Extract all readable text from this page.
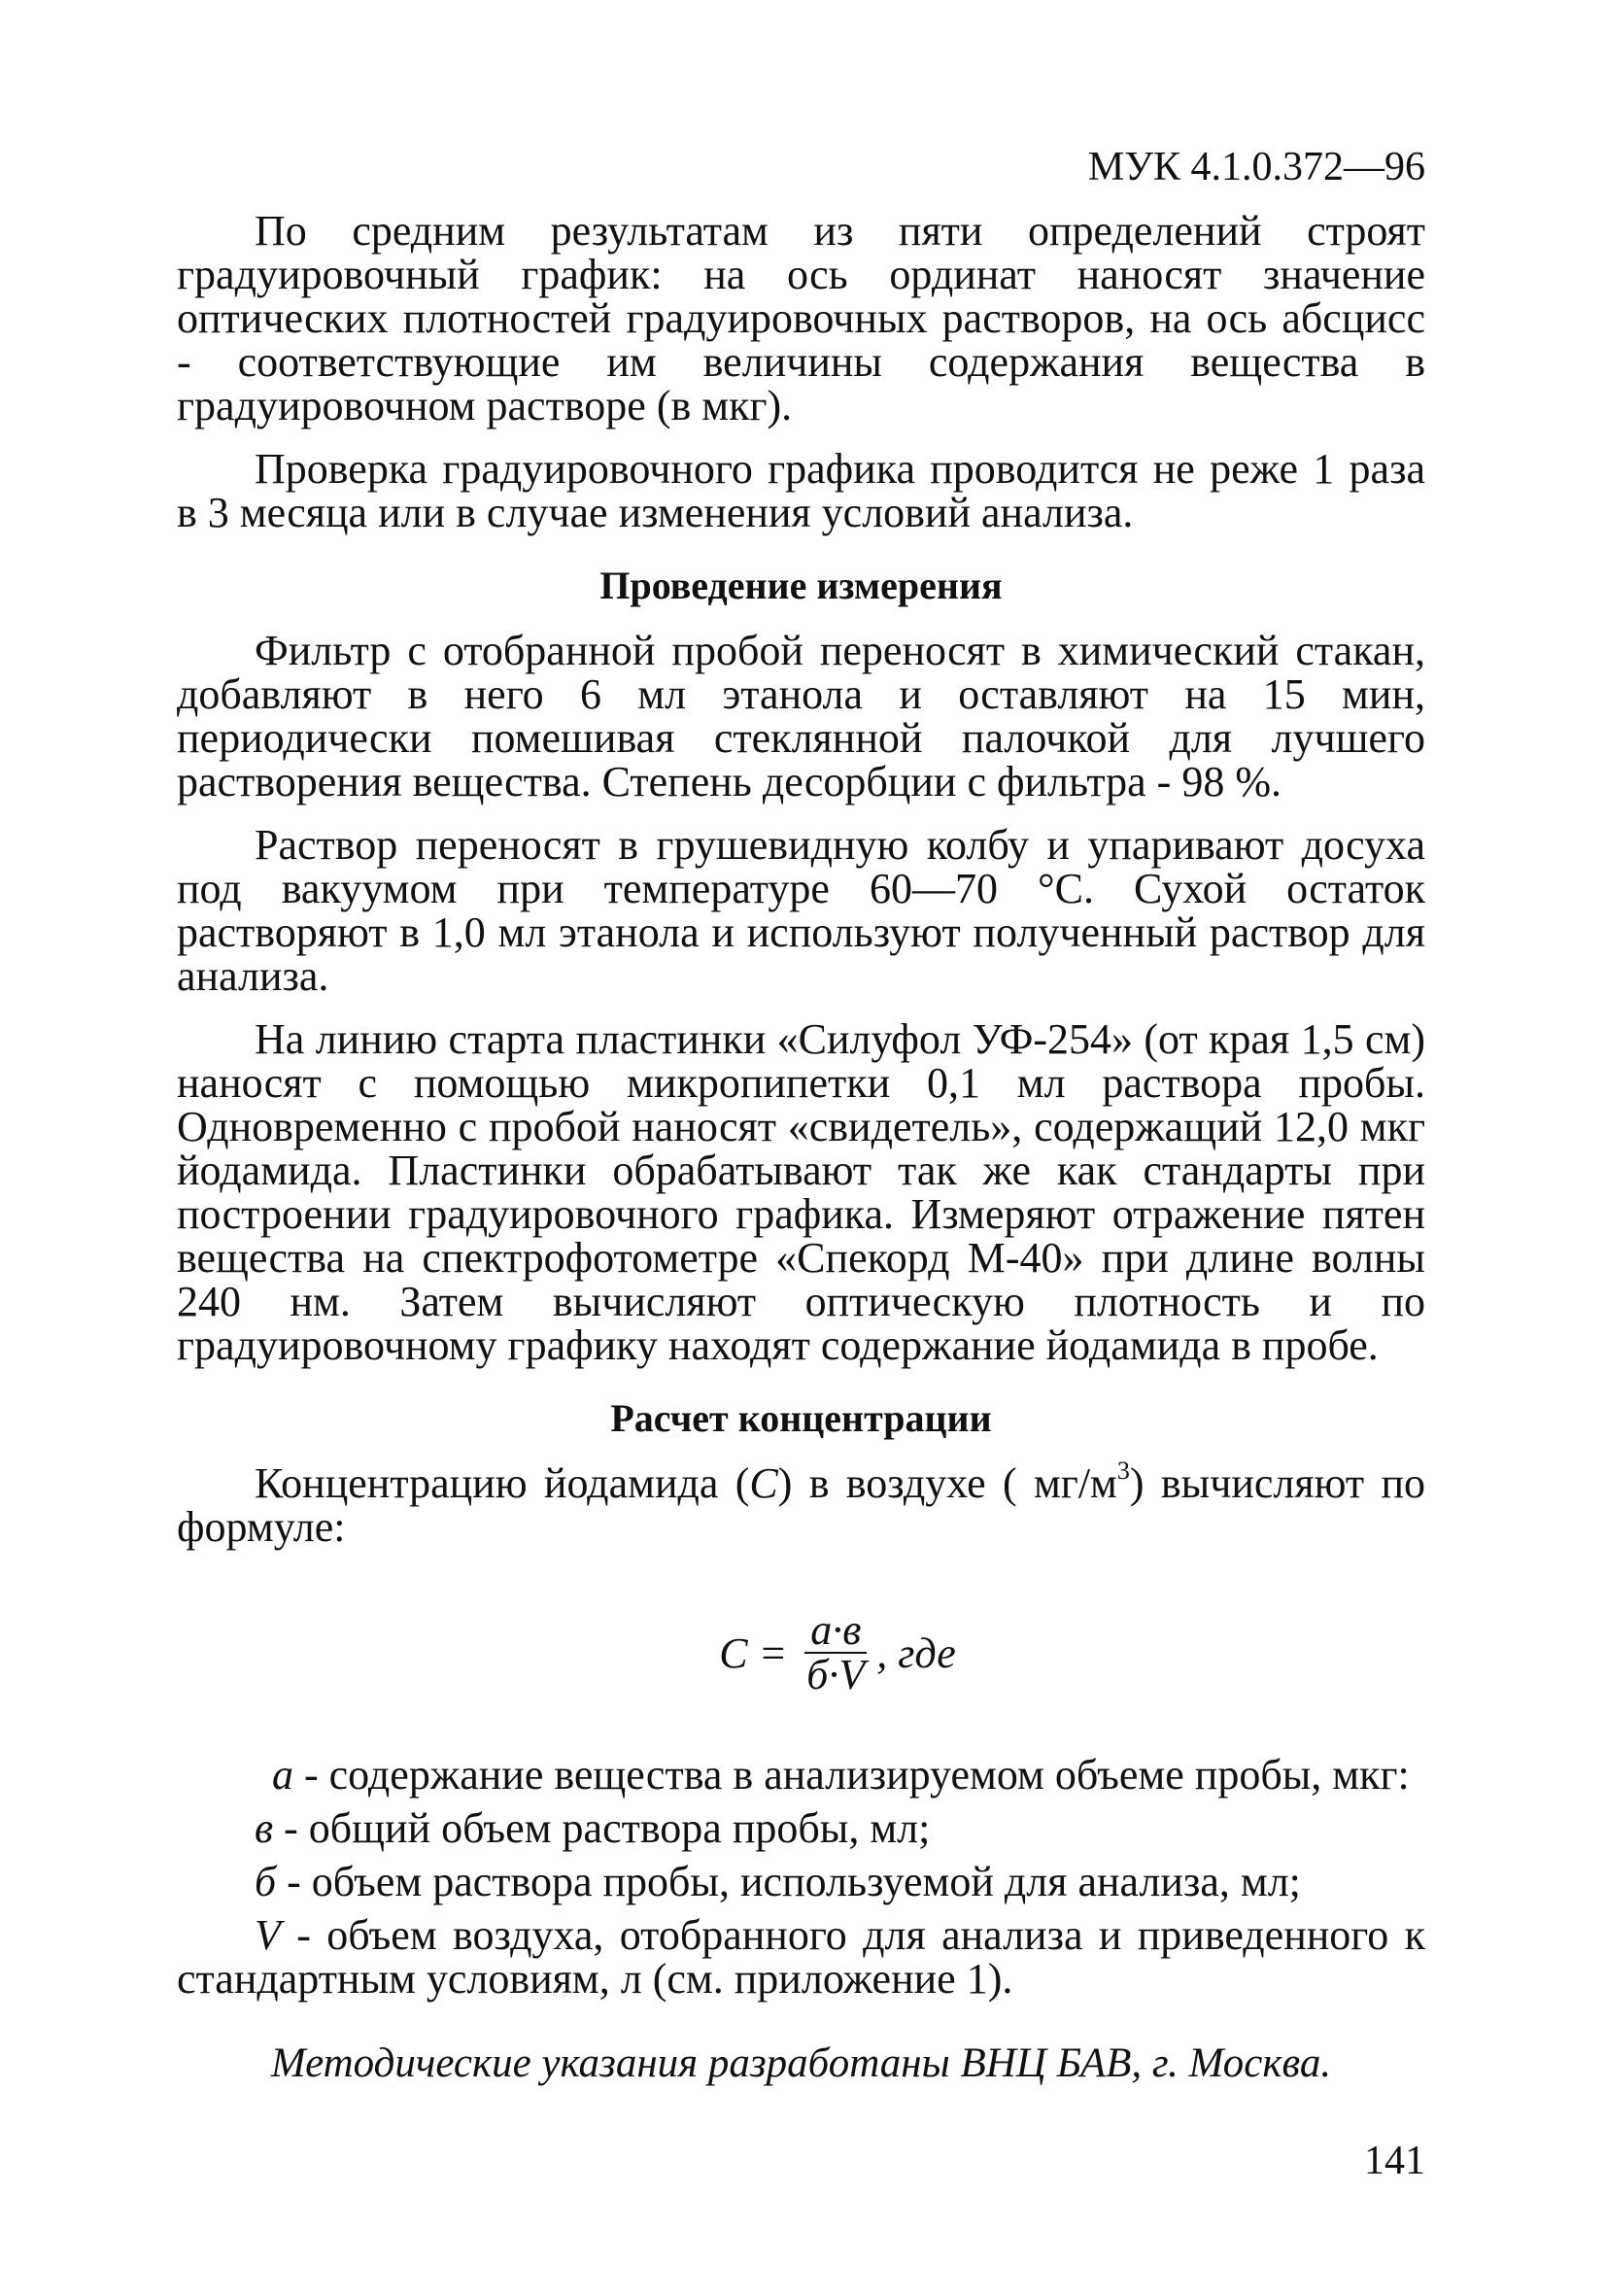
МУК 4.1.0.372—96

По средним результатам из пяти определений строят градуировочный график: на ось ординат наносят значение оптических плотностей градуировочных растворов, на ось абсцисс - соответствующие им величины содержания вещества в градуировочном растворе (в мкг).

Проверка градуировочного графика проводится не реже 1 раза в 3 месяца или в случае изменения условий анализа.

Проведение измерения

Фильтр с отобранной пробой переносят в химический стакан, добавляют в него 6 мл этанола и оставляют на 15 мин, периодически помешивая стеклянной палочкой для лучшего растворения вещества. Степень десорбции с фильтра - 98 %.

Раствор переносят в грушевидную колбу и упаривают досуха под вакуумом при температуре 60—70 °С. Сухой остаток растворяют в 1,0 мл этанола и используют полученный раствор для анализа.

На линию старта пластинки «Силуфол УФ-254» (от края 1,5 см) наносят с помощью микропипетки 0,1 мл раствора пробы. Одновременно с пробой наносят «свидетель», содержащий 12,0 мкг йодамида. Пластинки обрабатывают так же как стандарты при построении градуировочного графика. Измеряют отражение пятен вещества на спектрофотометре «Спекорд М-40» при длине волны 240 нм. Затем вычисляют оптическую плотность и по градуировочному графику находят содержание йодамида в пробе.

Расчет концентрации

Концентрацию йодамида (С) в воздухе ( $мг/м^3$) вычисляют по формуле:

$C = \frac{а\cdot в}{б\cdot V}$ , где

а - содержание вещества в анализируемом объеме пробы, мкг:

в - общий объем раствора пробы, мл;

б - объем раствора пробы, используемой для анализа, мл;

V - объем воздуха, отобранного для анализа и приведенного к стандартным условиям, л (см. приложение 1).

Методические указания разработаны ВНЦ БАВ, г. Москва.
141
